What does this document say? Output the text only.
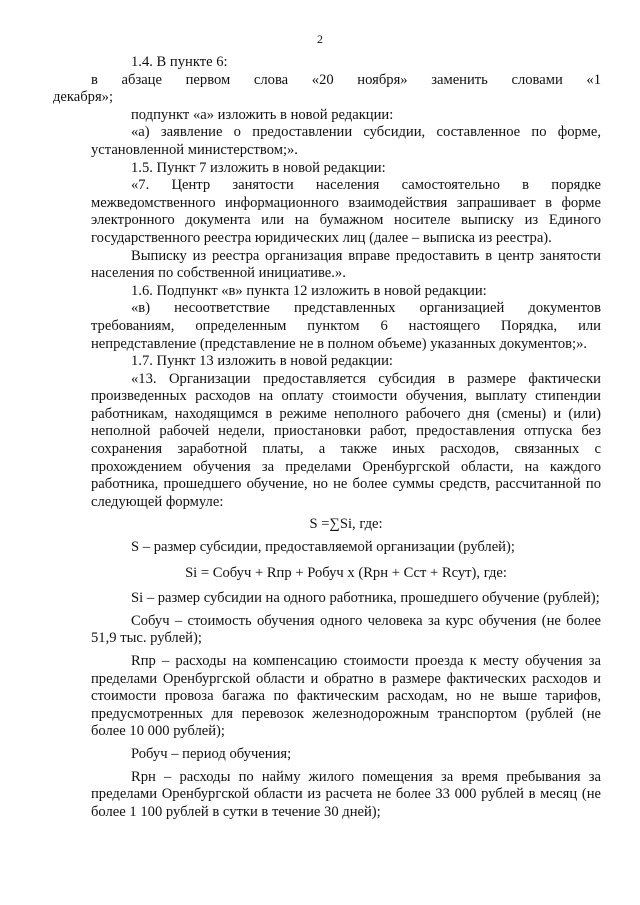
2

1.4. В пункте 6:

в абзаце первом слова «20 ноября» заменить словами «1 декабря»;

подпункт «а» изложить в новой редакции:

«а) заявление о предоставлении субсидии, составленное по форме, установленной министерством;».

1.5. Пункт 7 изложить в новой редакции:

«7. Центр занятости населения самостоятельно в порядке межведомственного информационного взаимодействия запрашивает в форме электронного документа или на бумажном носителе выписку из Единого государственного реестра юридических лиц (далее – выписка из реестра).

Выписку из реестра организация вправе предоставить в центр занятости населения по собственной инициативе.».

1.6. Подпункт «в» пункта 12 изложить в новой редакции:

«в) несоответствие представленных организацией документов требованиям, определенным пунктом 6 настоящего Порядка, или непредставление (представление не в полном объеме) указанных документов;».

1.7. Пункт 13 изложить в новой редакции:

«13. Организации предоставляется субсидия в размере фактически произведенных расходов на оплату стоимости обучения, выплату стипендии работникам, находящимся в режиме неполного рабочего дня (смены) и (или) неполной рабочей недели, приостановки работ, предоставления отпуска без сохранения заработной платы, а также иных расходов, связанных с прохождением обучения за пределами Оренбургской области, на каждого работника, прошедшего обучение, но не более суммы средств, рассчитанной по следующей формуле:

S =∑Si, где:

S – размер субсидии, предоставляемой организации (рублей);

Si = Собуч + Rпр + Робуч х (Rрн + Сст + Rсут), где:

Si – размер субсидии на одного работника, прошедшего обучение (рублей);

Собуч – стоимость обучения одного человека за курс обучения (не более 51,9 тыс. рублей);

Rпр – расходы на компенсацию стоимости проезда к месту обучения за пределами Оренбургской области и обратно в размере фактических расходов и стоимости провоза багажа по фактическим расходам, но не выше тарифов, предусмотренных для перевозок железнодорожным транспортом (рублей (не более 10 000 рублей);

Робуч – период обучения;

Rрн – расходы по найму жилого помещения за время пребывания за пределами Оренбургской области из расчета не более 33 000 рублей в месяц (не более 1 100 рублей в сутки в течение 30 дней);
